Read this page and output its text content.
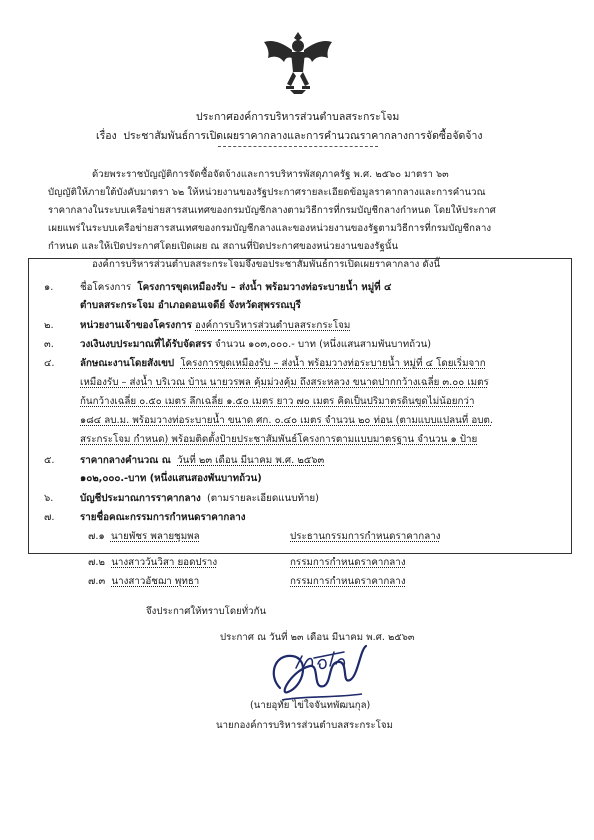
ประกาศองค์การบริหารส่วนตำบลสระกระโจม
เรื่อง ประชาสัมพันธ์การเปิดเผยราคากลางและการคำนวณราคากลางการจัดซื้อจัดจ้าง
ด้วยพระราชบัญญัติการจัดซื้อจัดจ้างและการบริหารพัสดุภาครัฐ พ.ศ. ๒๕๖๐ มาตรา ๖๓
บัญญัติให้ภายใต้บังคับมาตรา ๖๒ ให้หน่วยงานของรัฐประกาศรายละเอียดข้อมูลราคากลางและการคำนวณ
ราคากลางในระบบเครือข่ายสารสนเทศของกรมบัญชีกลางตามวิธีการที่กรมบัญชีกลางกำหนด โดยให้ประกาศ
เผยแพร่ในระบบเครือข่ายสารสนเทศของกรมบัญชีกลางและของหน่วยงานของรัฐตามวิธีการที่กรมบัญชีกลาง
กำหนด และให้เปิดประกาศโดยเปิดเผย ณ สถานที่ปิดประกาศของหน่วยงานของรัฐนั้น
องค์การบริหารส่วนตำบลสระกระโจมจึงขอประชาสัมพันธ์การเปิดเผยราคากลาง ดังนี้
๑.	ชื่อโครงการ โครงการขุดเหมืองรับ – ส่งน้ำ พร้อมวางท่อระบายน้ำ หมู่ที่ ๔
ตำบลสระกระโจม อำเภอดอนเจดีย์ จังหวัดสุพรรณบุรี
๒.	หน่วยงานเจ้าของโครงการ องค์การบริหารส่วนตำบลสระกระโจม
๓.	วงเงินงบประมาณที่ได้รับจัดสรร จำนวน ๑๐๓,๐๐๐.- บาท (หนึ่งแสนสามพันบาทถ้วน)
๔.	ลักษณะงานโดยสังเขป โครงการขุดเหมืองรับ – ส่งน้ำ พร้อมวางท่อระบายน้ำ หมู่ที่ ๔ โดยเริ่มจาก
เหมืองรับ – ส่งน้ำ บริเวณ บ้าน นายวรพล คุ้มม่วงคุ้ม ถึงสระหลวง ขนาดปากกว้างเฉลี่ย ๓.๐๐ เมตร
ก้นกว้างเฉลี่ย ๐.๕๐ เมตร ลึกเฉลี่ย ๑.๕๐ เมตร ยาว ๗๐ เมตร คิดเป็นปริมาตรดินขุดไม่น้อยกว่า
๑๘๔ ลบ.ม. พร้อมวางท่อระบายน้ำ ขนาด ศก. ๐.๔๐ เมตร จำนวน ๒๐ ท่อน (ตามแบบแปลนที่ อบต.
สระกระโจม กำหนด) พร้อมติดตั้งป้ายประชาสัมพันธ์โครงการตามแบบมาตรฐาน จำนวน ๑ ป้าย
๕.	ราคากลางคำนวณ ณ วันที่ ๒๓ เดือน มีนาคม พ.ศ. ๒๕๖๓
๑๐๒,๐๐๐.-บาท (หนึ่งแสนสองพันบาทถ้วน)
๖.	บัญชีประมาณการราคากลาง (ตามรายละเอียดแนบท้าย)
๗.	รายชื่อคณะกรรมการกำหนดราคากลาง
๗.๑ นายพัชร พลายชุมพล	ประธานกรรมการกำหนดราคากลาง
๗.๒ นางสาววันวิสา ยอดปราง	กรรมการกำหนดราคากลาง
๗.๓ นางสาวอัชฌา พุทธา	กรรมการกำหนดราคากลาง
จึงประกาศให้ทราบโดยทั่วกัน
ประกาศ ณ วันที่ ๒๓ เดือน มีนาคม พ.ศ. ๒๕๖๓
(นายอุทัย ไข่ใจจันทพัฒนกุล)
นายกองค์การบริหารส่วนตำบลสระกระโจม
